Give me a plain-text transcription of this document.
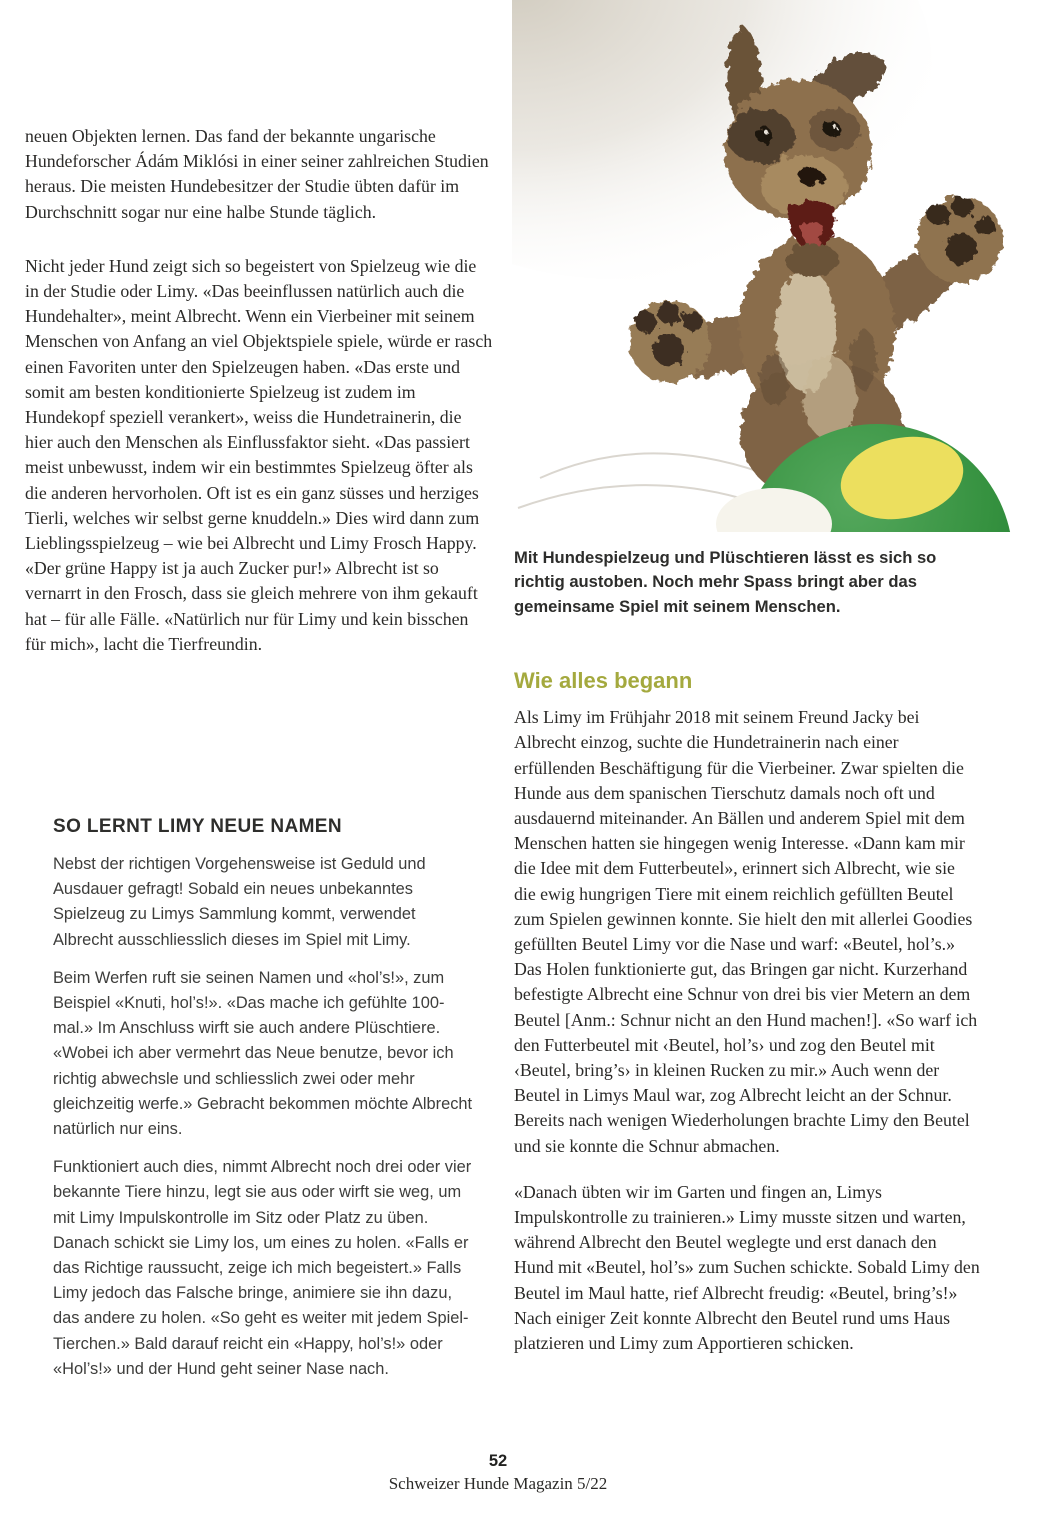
neuen Objekten lernen. Das fand der bekannte ungarische Hundeforscher Ádám Miklósi in einer seiner zahlreichen Studien heraus. Die meisten Hundebesitzer der Studie übten dafür im Durchschnitt sogar nur eine halbe Stunde täglich.

Nicht jeder Hund zeigt sich so begeistert von Spielzeug wie die in der Studie oder Limy. «Das beeinflussen natürlich auch die Hundehalter», meint Albrecht. Wenn ein Vierbeiner mit seinem Menschen von Anfang an viel Objektspiele spiele, würde er rasch einen Favoriten unter den Spielzeugen haben. «Das erste und somit am besten konditionierte Spielzeug ist zudem im Hundekopf speziell verankert», weiss die Hundetrainerin, die hier auch den Menschen als Einflussfaktor sieht. «Das passiert meist unbewusst, indem wir ein bestimmtes Spielzeug öfter als die anderen hervorholen. Oft ist es ein ganz süsses und herziges Tierli, welches wir selbst gerne knuddeln.» Dies wird dann zum Lieblingsspielzeug – wie bei Albrecht und Limy Frosch Happy. «Der grüne Happy ist ja auch Zucker pur!» Albrecht ist so vernarrt in den Frosch, dass sie gleich mehrere von ihm gekauft hat – für alle Fälle. «Natürlich nur für Limy und kein bisschen für mich», lacht die Tierfreundin.

SO LERNT LIMY NEUE NAMEN

Nebst der richtigen Vorgehensweise ist Geduld und Ausdauer gefragt! Sobald ein neues unbekanntes Spielzeug zu Limys Sammlung kommt, verwendet Albrecht ausschliesslich dieses im Spiel mit Limy.

Beim Werfen ruft sie seinen Namen und «hol’s!», zum Beispiel «Knuti, hol’s!». «Das mache ich gefühlte 100-mal.» Im Anschluss wirft sie auch andere Plüschtiere. «Wobei ich aber vermehrt das Neue benutze, bevor ich richtig abwechsle und schliesslich zwei oder mehr gleichzeitig werfe.» Gebracht bekommen möchte Albrecht natürlich nur eins.

Funktioniert auch dies, nimmt Albrecht noch drei oder vier bekannte Tiere hinzu, legt sie aus oder wirft sie weg, um mit Limy Impulskontrolle im Sitz oder Platz zu üben. Danach schickt sie Limy los, um eines zu holen. «Falls er das Richtige raussucht, zeige ich mich begeistert.» Falls Limy jedoch das Falsche bringe, animiere sie ihn dazu, das andere zu holen. «So geht es weiter mit jedem Spiel-Tierchen.» Bald darauf reicht ein «Happy, hol’s!» oder «Hol’s!» und der Hund geht seiner Nase nach.

Mit Hundespielzeug und Plüschtieren lässt es sich so richtig austoben. Noch mehr Spass bringt aber das gemeinsame Spiel mit seinem Menschen.

Wie alles begann

Als Limy im Frühjahr 2018 mit seinem Freund Jacky bei Albrecht einzog, suchte die Hundetrainerin nach einer erfüllenden Beschäftigung für die Vierbeiner. Zwar spielten die Hunde aus dem spanischen Tierschutz damals noch oft und ausdauernd miteinander. An Bällen und anderem Spiel mit dem Menschen hatten sie hingegen wenig Interesse. «Dann kam mir die Idee mit dem Futterbeutel», erinnert sich Albrecht, wie sie die ewig hungrigen Tiere mit einem reichlich gefüllten Beutel zum Spielen gewinnen konnte. Sie hielt den mit allerlei Goodies gefüllten Beutel Limy vor die Nase und warf: «Beutel, hol’s.» Das Holen funktionierte gut, das Bringen gar nicht. Kurzerhand befestigte Albrecht eine Schnur von drei bis vier Metern an dem Beutel [Anm.: Schnur nicht an den Hund machen!]. «So warf ich den Futterbeutel mit ‹Beutel, hol’s› und zog den Beutel mit ‹Beutel, bring’s› in kleinen Rucken zu mir.» Auch wenn der Beutel in Limys Maul war, zog Albrecht leicht an der Schnur. Bereits nach wenigen Wiederholungen brachte Limy den Beutel und sie konnte die Schnur abmachen.

«Danach übten wir im Garten und fingen an, Limys Impulskontrolle zu trainieren.» Limy musste sitzen und warten, während Albrecht den Beutel weglegte und erst danach den Hund mit «Beutel, hol’s» zum Suchen schickte. Sobald Limy den Beutel im Maul hatte, rief Albrecht freudig: «Beutel, bring’s!» Nach einiger Zeit konnte Albrecht den Beutel rund ums Haus platzieren und Limy zum Apportieren schicken.

52
Schweizer Hunde Magazin 5/22
